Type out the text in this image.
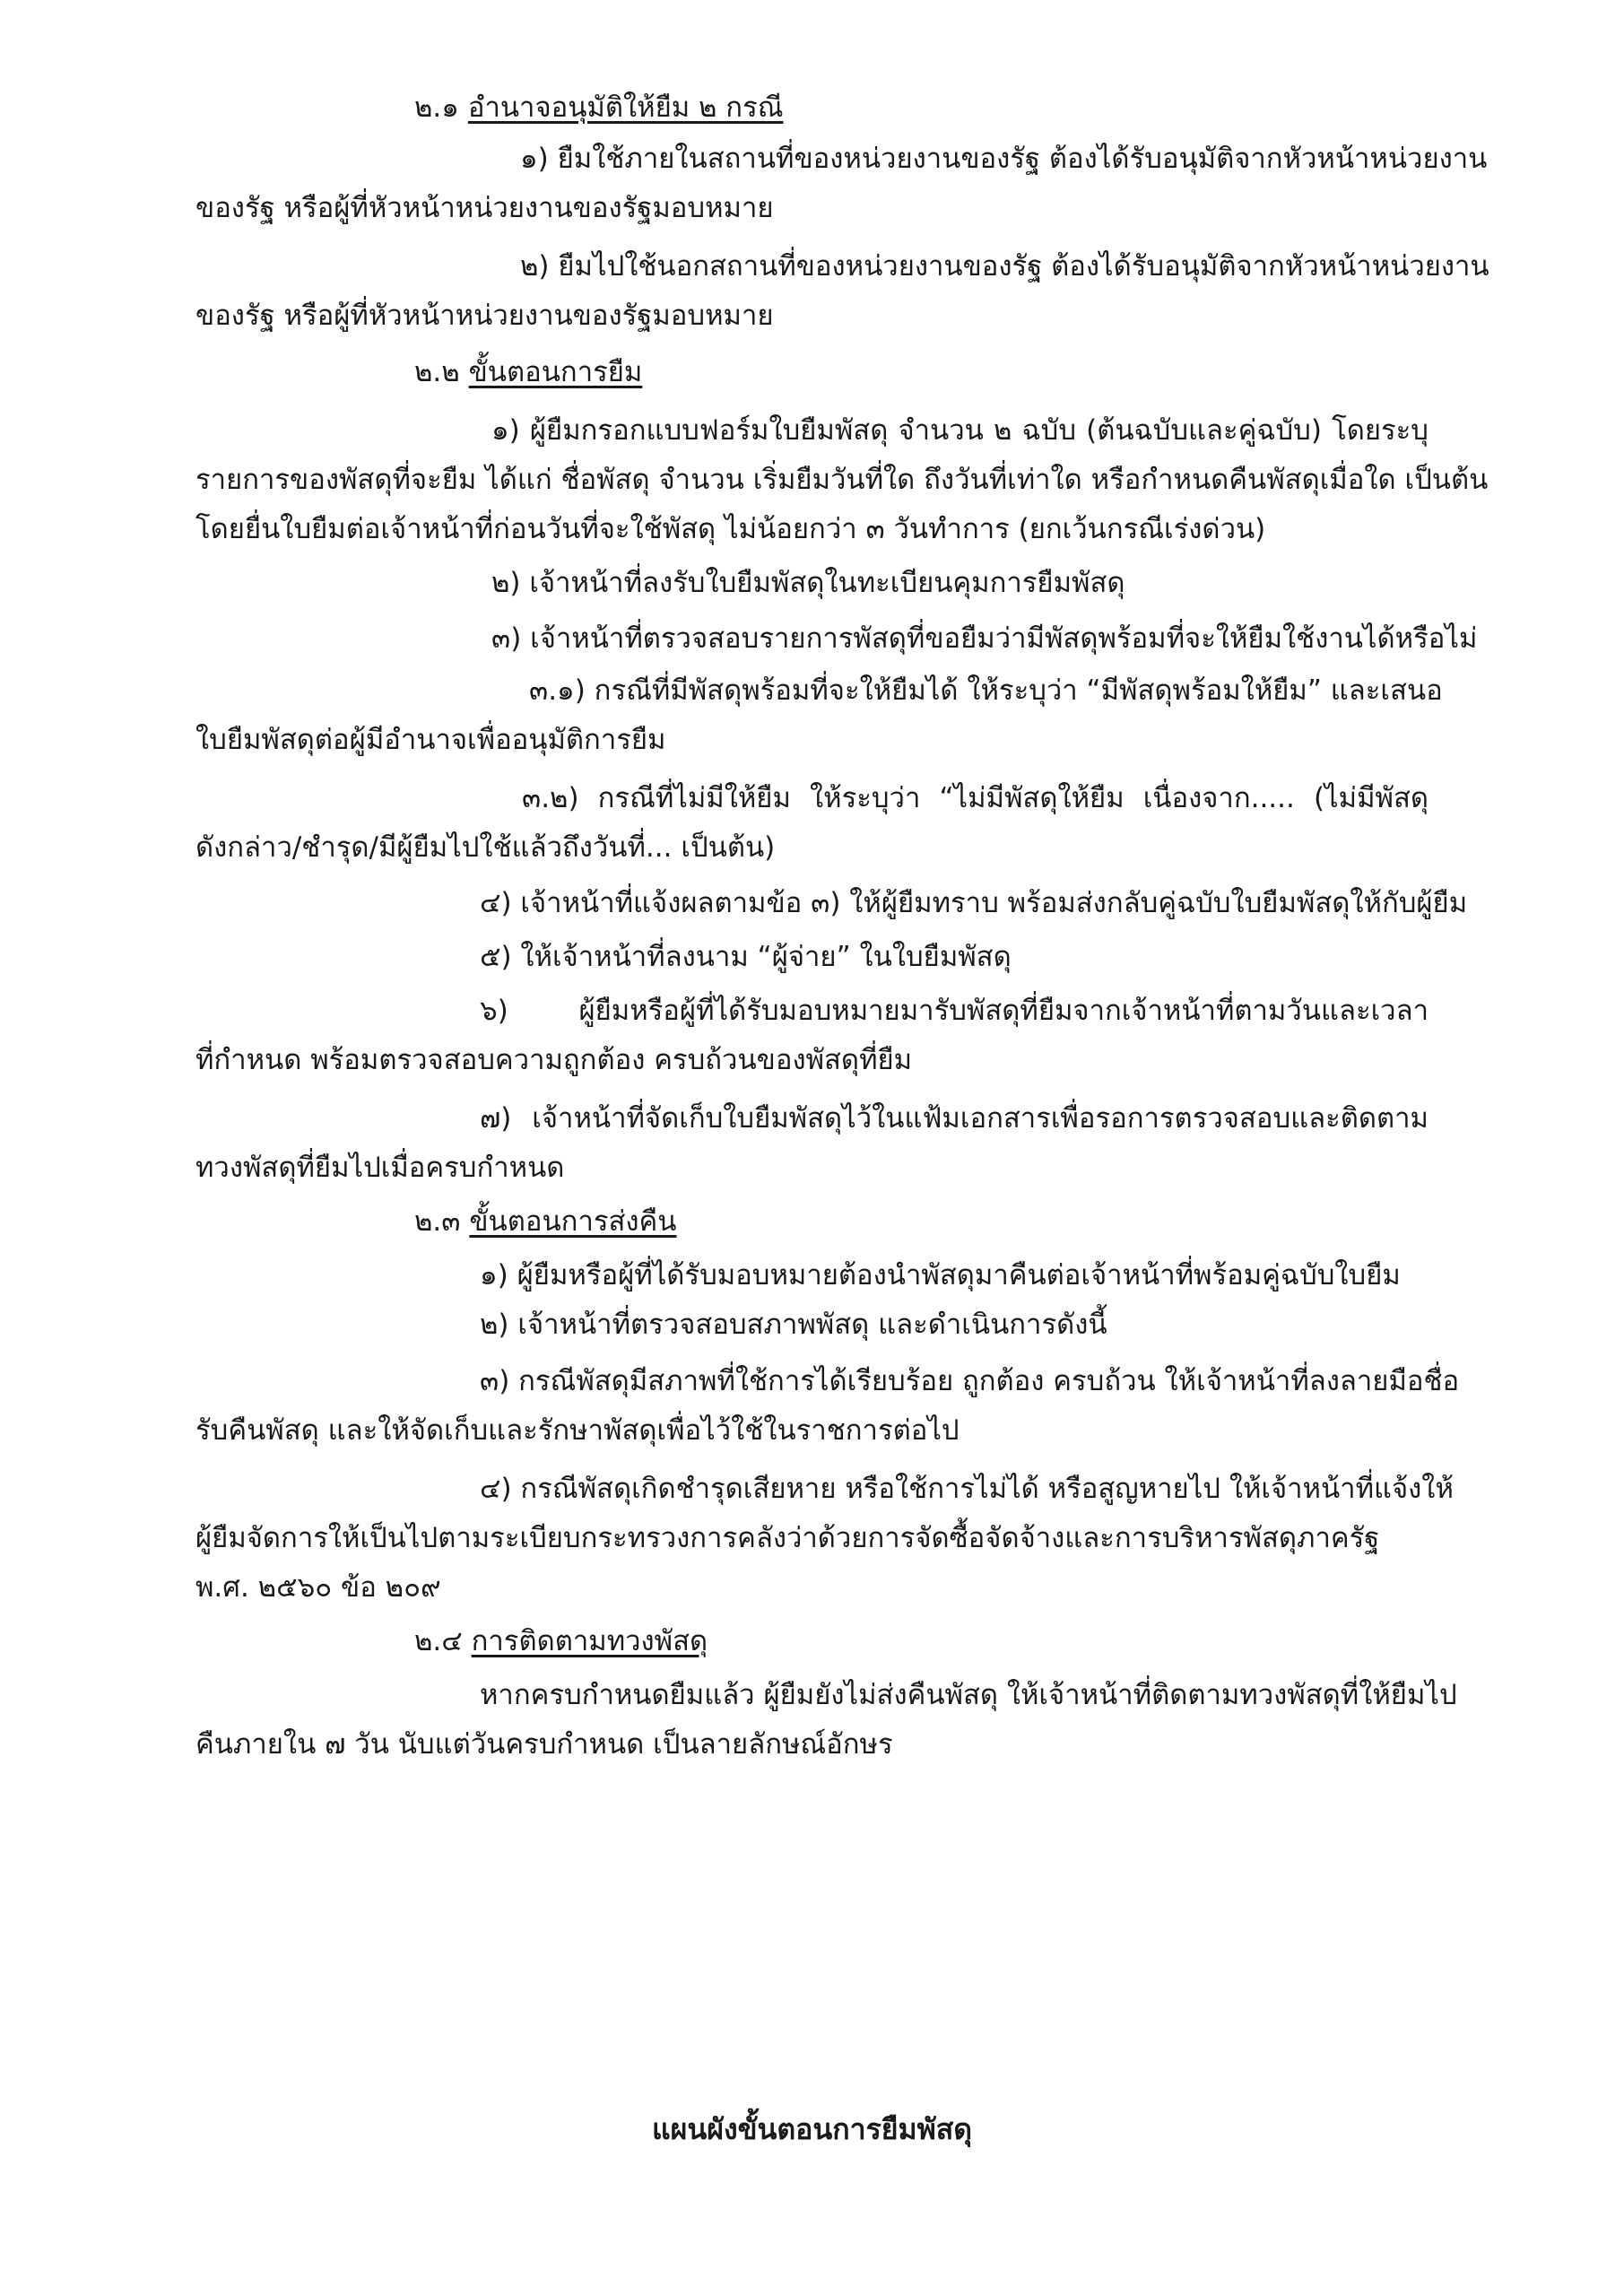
๒.๑ อำนาจอนุมัติให้ยืม ๒ กรณี
๑) ยืมใช้ภายในสถานที่ของหน่วยงานของรัฐ ต้องได้รับอนุมัติจากหัวหน้าหน่วยงาน
ของรัฐ หรือผู้ที่หัวหน้าหน่วยงานของรัฐมอบหมาย
๒) ยืมไปใช้นอกสถานที่ของหน่วยงานของรัฐ ต้องได้รับอนุมัติจากหัวหน้าหน่วยงาน
ของรัฐ หรือผู้ที่หัวหน้าหน่วยงานของรัฐมอบหมาย
๒.๒ ขั้นตอนการยืม
๑) ผู้ยืมกรอกแบบฟอร์มใบยืมพัสดุ จำนวน ๒ ฉบับ (ต้นฉบับและคู่ฉบับ) โดยระบุ
รายการของพัสดุที่จะยืม ได้แก่ ชื่อพัสดุ จำนวน เริ่มยืมวันที่ใด ถึงวันที่เท่าใด หรือกำหนดคืนพัสดุเมื่อใด เป็นต้น
โดยยื่นใบยืมต่อเจ้าหน้าที่ก่อนวันที่จะใช้พัสดุ ไม่น้อยกว่า ๓ วันทำการ (ยกเว้นกรณีเร่งด่วน)
๒) เจ้าหน้าที่ลงรับใบยืมพัสดุในทะเบียนคุมการยืมพัสดุ
๓) เจ้าหน้าที่ตรวจสอบรายการพัสดุที่ขอยืมว่ามีพัสดุพร้อมที่จะให้ยืมใช้งานได้หรือไม่
๓.๑) กรณีที่มีพัสดุพร้อมที่จะให้ยืมได้ ให้ระบุว่า “มีพัสดุพร้อมให้ยืม” และเสนอ
ใบยืมพัสดุต่อผู้มีอำนาจเพื่ออนุมัติการยืม
๓.๒) กรณีที่ไม่มีให้ยืม ให้ระบุว่า “ไม่มีพัสดุให้ยืม เนื่องจาก..... (ไม่มีพัสดุ
ดังกล่าว/ชำรุด/มีผู้ยืมไปใช้แล้วถึงวันที่... เป็นต้น)
๔) เจ้าหน้าที่แจ้งผลตามข้อ ๓) ให้ผู้ยืมทราบ พร้อมส่งกลับคู่ฉบับใบยืมพัสดุให้กับผู้ยืม
๕) ให้เจ้าหน้าที่ลงนาม “ผู้จ่าย” ในใบยืมพัสดุ
๖) ผู้ยืมหรือผู้ที่ได้รับมอบหมายมารับพัสดุที่ยืมจากเจ้าหน้าที่ตามวันและเวลา
ที่กำหนด พร้อมตรวจสอบความถูกต้อง ครบถ้วนของพัสดุที่ยืม
๗) เจ้าหน้าที่จัดเก็บใบยืมพัสดุไว้ในแฟ้มเอกสารเพื่อรอการตรวจสอบและติดตาม
ทวงพัสดุที่ยืมไปเมื่อครบกำหนด
๒.๓ ขั้นตอนการส่งคืน
๑) ผู้ยืมหรือผู้ที่ได้รับมอบหมายต้องนำพัสดุมาคืนต่อเจ้าหน้าที่พร้อมคู่ฉบับใบยืม
๒) เจ้าหน้าที่ตรวจสอบสภาพพัสดุ และดำเนินการดังนี้
๓) กรณีพัสดุมีสภาพที่ใช้การได้เรียบร้อย ถูกต้อง ครบถ้วน ให้เจ้าหน้าที่ลงลายมือชื่อ
รับคืนพัสดุ และให้จัดเก็บและรักษาพัสดุเพื่อไว้ใช้ในราชการต่อไป
๔) กรณีพัสดุเกิดชำรุดเสียหาย หรือใช้การไม่ได้ หรือสูญหายไป ให้เจ้าหน้าที่แจ้งให้
ผู้ยืมจัดการให้เป็นไปตามระเบียบกระทรวงการคลังว่าด้วยการจัดซื้อจัดจ้างและการบริหารพัสดุภาครัฐ
พ.ศ. ๒๕๖๐ ข้อ ๒๐๙
๒.๔ การติดตามทวงพัสดุ
หากครบกำหนดยืมแล้ว ผู้ยืมยังไม่ส่งคืนพัสดุ ให้เจ้าหน้าที่ติดตามทวงพัสดุที่ให้ยืมไป
คืนภายใน ๗ วัน นับแต่วันครบกำหนด เป็นลายลักษณ์อักษร
แผนผังขั้นตอนการยืมพัสดุ
